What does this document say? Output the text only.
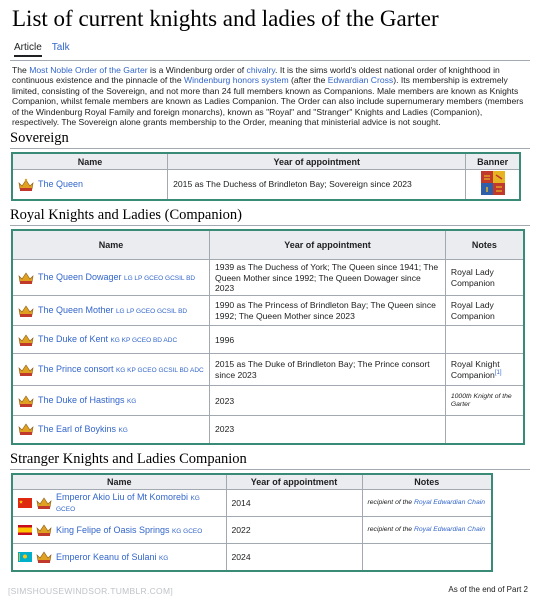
List of current knights and ladies of the Garter
Article Talk

The Most Noble Order of the Garter is a Windenburg order of chivalry. It is the sims world's oldest national order of knighthood in continuous existence and the pinnacle of the Windenburg honors system (after the Edwardian Cross). Its membership is extremely limited, consisting of the Sovereign, and not more than 24 full members known as Companions. Male members are known as Knights Companion, whilst female members are known as Ladies Companion. The Order can also include supernumerary members (members of the Windenburg Royal Family and foreign monarchs), known as "Royal" and "Stranger" Knights and Ladies (Companion), respectively. The Sovereign alone grants membership to the Order, meaning that ministerial advice is not sought.

Sovereign
Name	Year of appointment	Banner

The Queen	2015 as The Duchess of Brindleton Bay; Sovereign since 2023	
Royal Knights and Ladies (Companion)
Name	Year of appointment	Notes

The Queen Dowager LG LP GCEO GCSIL BD	1939 as The Duchess of York; The Queen since 1941; The Queen Mother since 1992; The Queen Dowager since 2023	Royal Lady Companion

The Queen Mother LG LP GCEO GCSIL BD	1990 as The Princess of Brindleton Bay; The Queen since 1992; The Queen Mother since 2023	Royal Lady Companion

The Duke of Kent KG KP GCEO BD ADC	1996	

The Prince consort KG KP GCEO GCSIL BD ADC	2015 as The Duke of Brindleton Bay; The Prince consort since 2023	Royal Knight Companion[1]

The Duke of Hastings KG	2023	1000th Knight of the Garter

The Earl of Boykins KG	2023	
Stranger Knights and Ladies Companion
Name	Year of appointment	Notes

Emperor Akio Liu of Mt Komorebi KG GCEO	2014	recipient of the Royal Edwardian Chain

King Felipe of Oasis Springs KG GCEO	2022	recipient of the Royal Edwardian Chain

Emperor Keanu of Sulani KG	2024	
[SIMSHOUSEWINDSOR.TUMBLR.COM]	As of the end of Part 2
